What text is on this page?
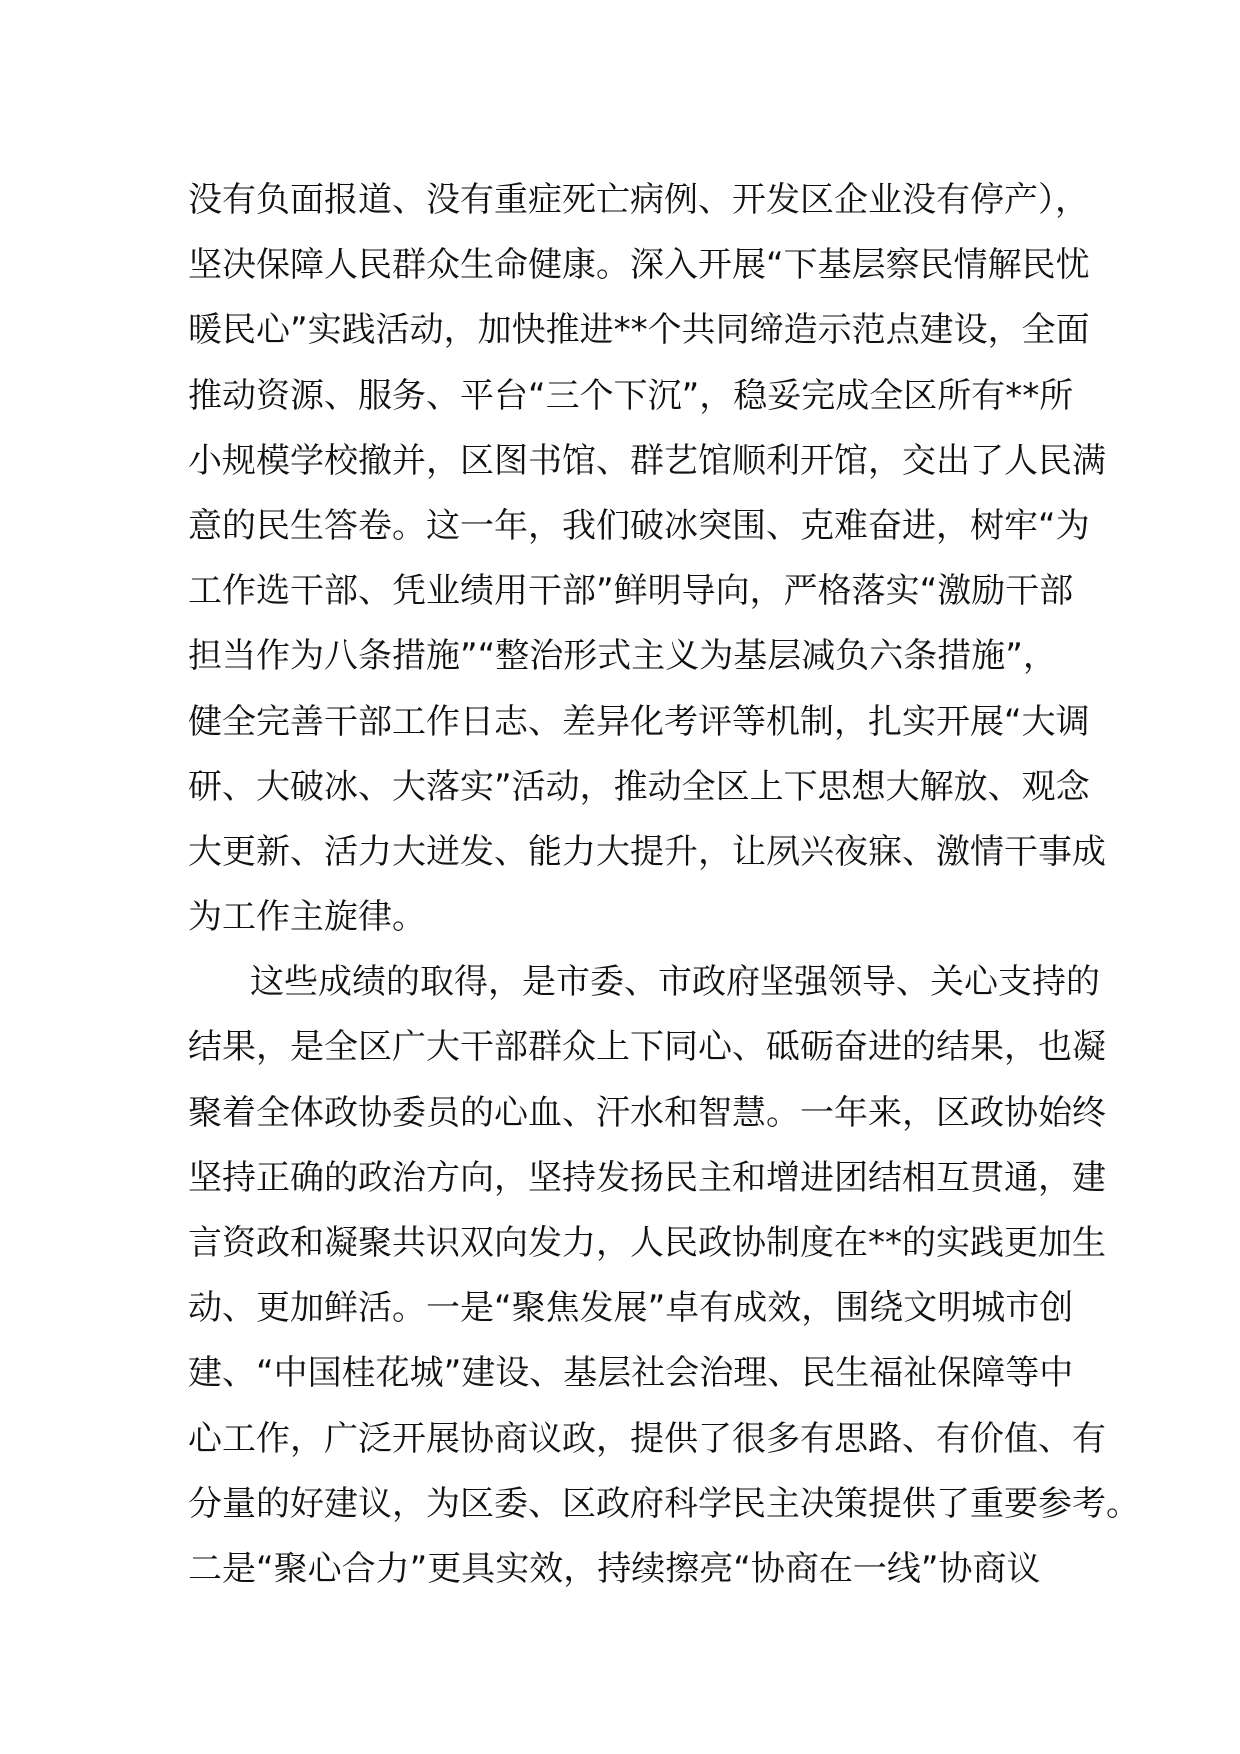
没有负面报道、没有重症死亡病例、开发区企业没有停产），
坚决保障人民群众生命健康。深入开展“下基层察民情解民忧
暖民心”实践活动，加快推进**个共同缔造示范点建设，全面
推动资源、服务、平台“三个下沉”，稳妥完成全区所有**所
小规模学校撤并，区图书馆、群艺馆顺利开馆，交出了人民满
意的民生答卷。这一年，我们破冰突围、克难奋进，树牢“为
工作选干部、凭业绩用干部”鲜明导向，严格落实“激励干部
担当作为八条措施”“整治形式主义为基层减负六条措施”，
健全完善干部工作日志、差异化考评等机制，扎实开展“大调
研、大破冰、大落实”活动，推动全区上下思想大解放、观念
大更新、活力大迸发、能力大提升，让夙兴夜寐、激情干事成
为工作主旋律。
这些成绩的取得，是市委、市政府坚强领导、关心支持的
结果，是全区广大干部群众上下同心、砥砺奋进的结果，也凝
聚着全体政协委员的心血、汗水和智慧。一年来，区政协始终
坚持正确的政治方向，坚持发扬民主和增进团结相互贯通，建
言资政和凝聚共识双向发力，人民政协制度在**的实践更加生
动、更加鲜活。一是“聚焦发展”卓有成效，围绕文明城市创
建、“中国桂花城”建设、基层社会治理、民生福祉保障等中
心工作，广泛开展协商议政，提供了很多有思路、有价值、有
分量的好建议，为区委、区政府科学民主决策提供了重要参考。
二是“聚心合力”更具实效，持续擦亮“协商在一线”协商议
